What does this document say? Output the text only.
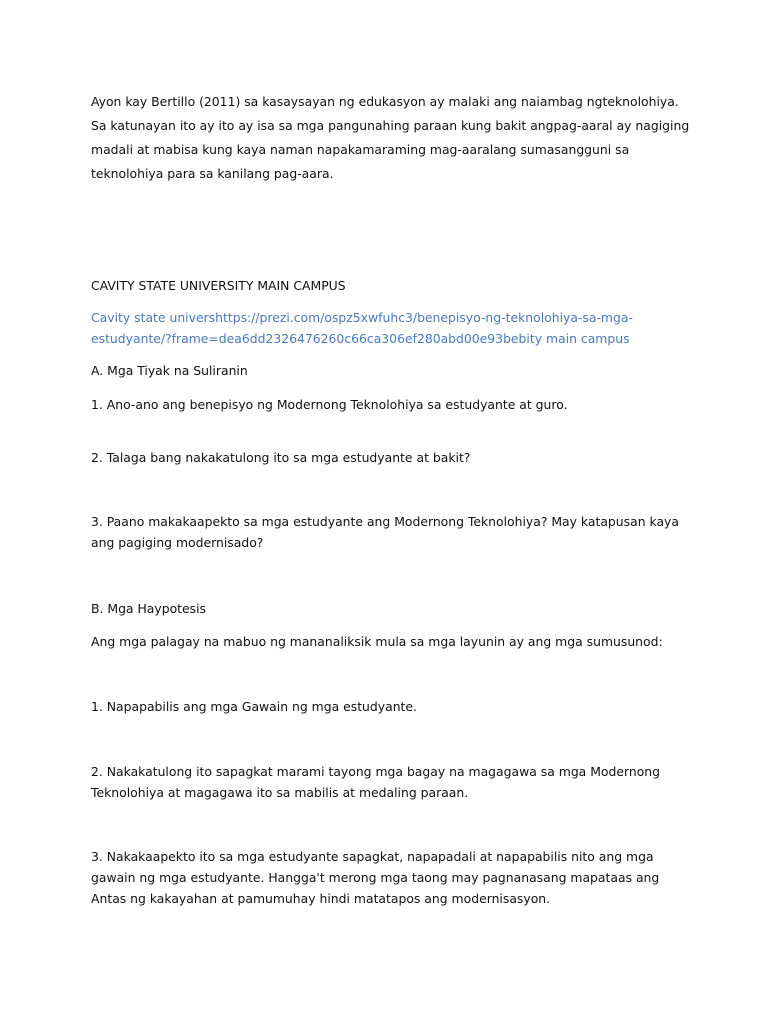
Ayon kay Bertillo (2011) sa kasaysayan ng edukasyon ay malaki ang naiambag ngteknolohiya. Sa katunayan ito ay ito ay isa sa mga pangunahing paraan kung bakit angpag-aaral ay nagiging madali at mabisa kung kaya naman napakamaraming mag-aaralang sumasangguni sa teknolohiya para sa kanilang pag-aara.

CAVITY STATE UNIVERSITY MAIN CAMPUS

Cavity state univershttps://prezi.com/ospz5xwfuhc3/benepisyo-ng-teknolohiya-sa-mga-estudyante/?frame=dea6dd2326476260c66ca306ef280abd00e93bebity main campus

A. Mga Tiyak na Suliranin

1. Ano-ano ang benepisyo ng Modernong Teknolohiya sa estudyante at guro.

2. Talaga bang nakakatulong ito sa mga estudyante at bakit?

3. Paano makakaapekto sa mga estudyante ang Modernong Teknolohiya? May katapusan kaya ang pagiging modernisado?

B. Mga Haypotesis

Ang mga palagay na mabuo ng mananaliksik mula sa mga layunin ay ang mga sumusunod:

1. Napapabilis ang mga Gawain ng mga estudyante.

2. Nakakatulong ito sapagkat marami tayong mga bagay na magagawa sa mga Modernong Teknolohiya at magagawa ito sa mabilis at medaling paraan.

3. Nakakaapekto ito sa mga estudyante sapagkat, napapadali at napapabilis nito ang mga gawain ng mga estudyante. Hangga't merong mga taong may pagnanasang mapataas ang Antas ng kakayahan at pamumuhay hindi matatapos ang modernisasyon.
